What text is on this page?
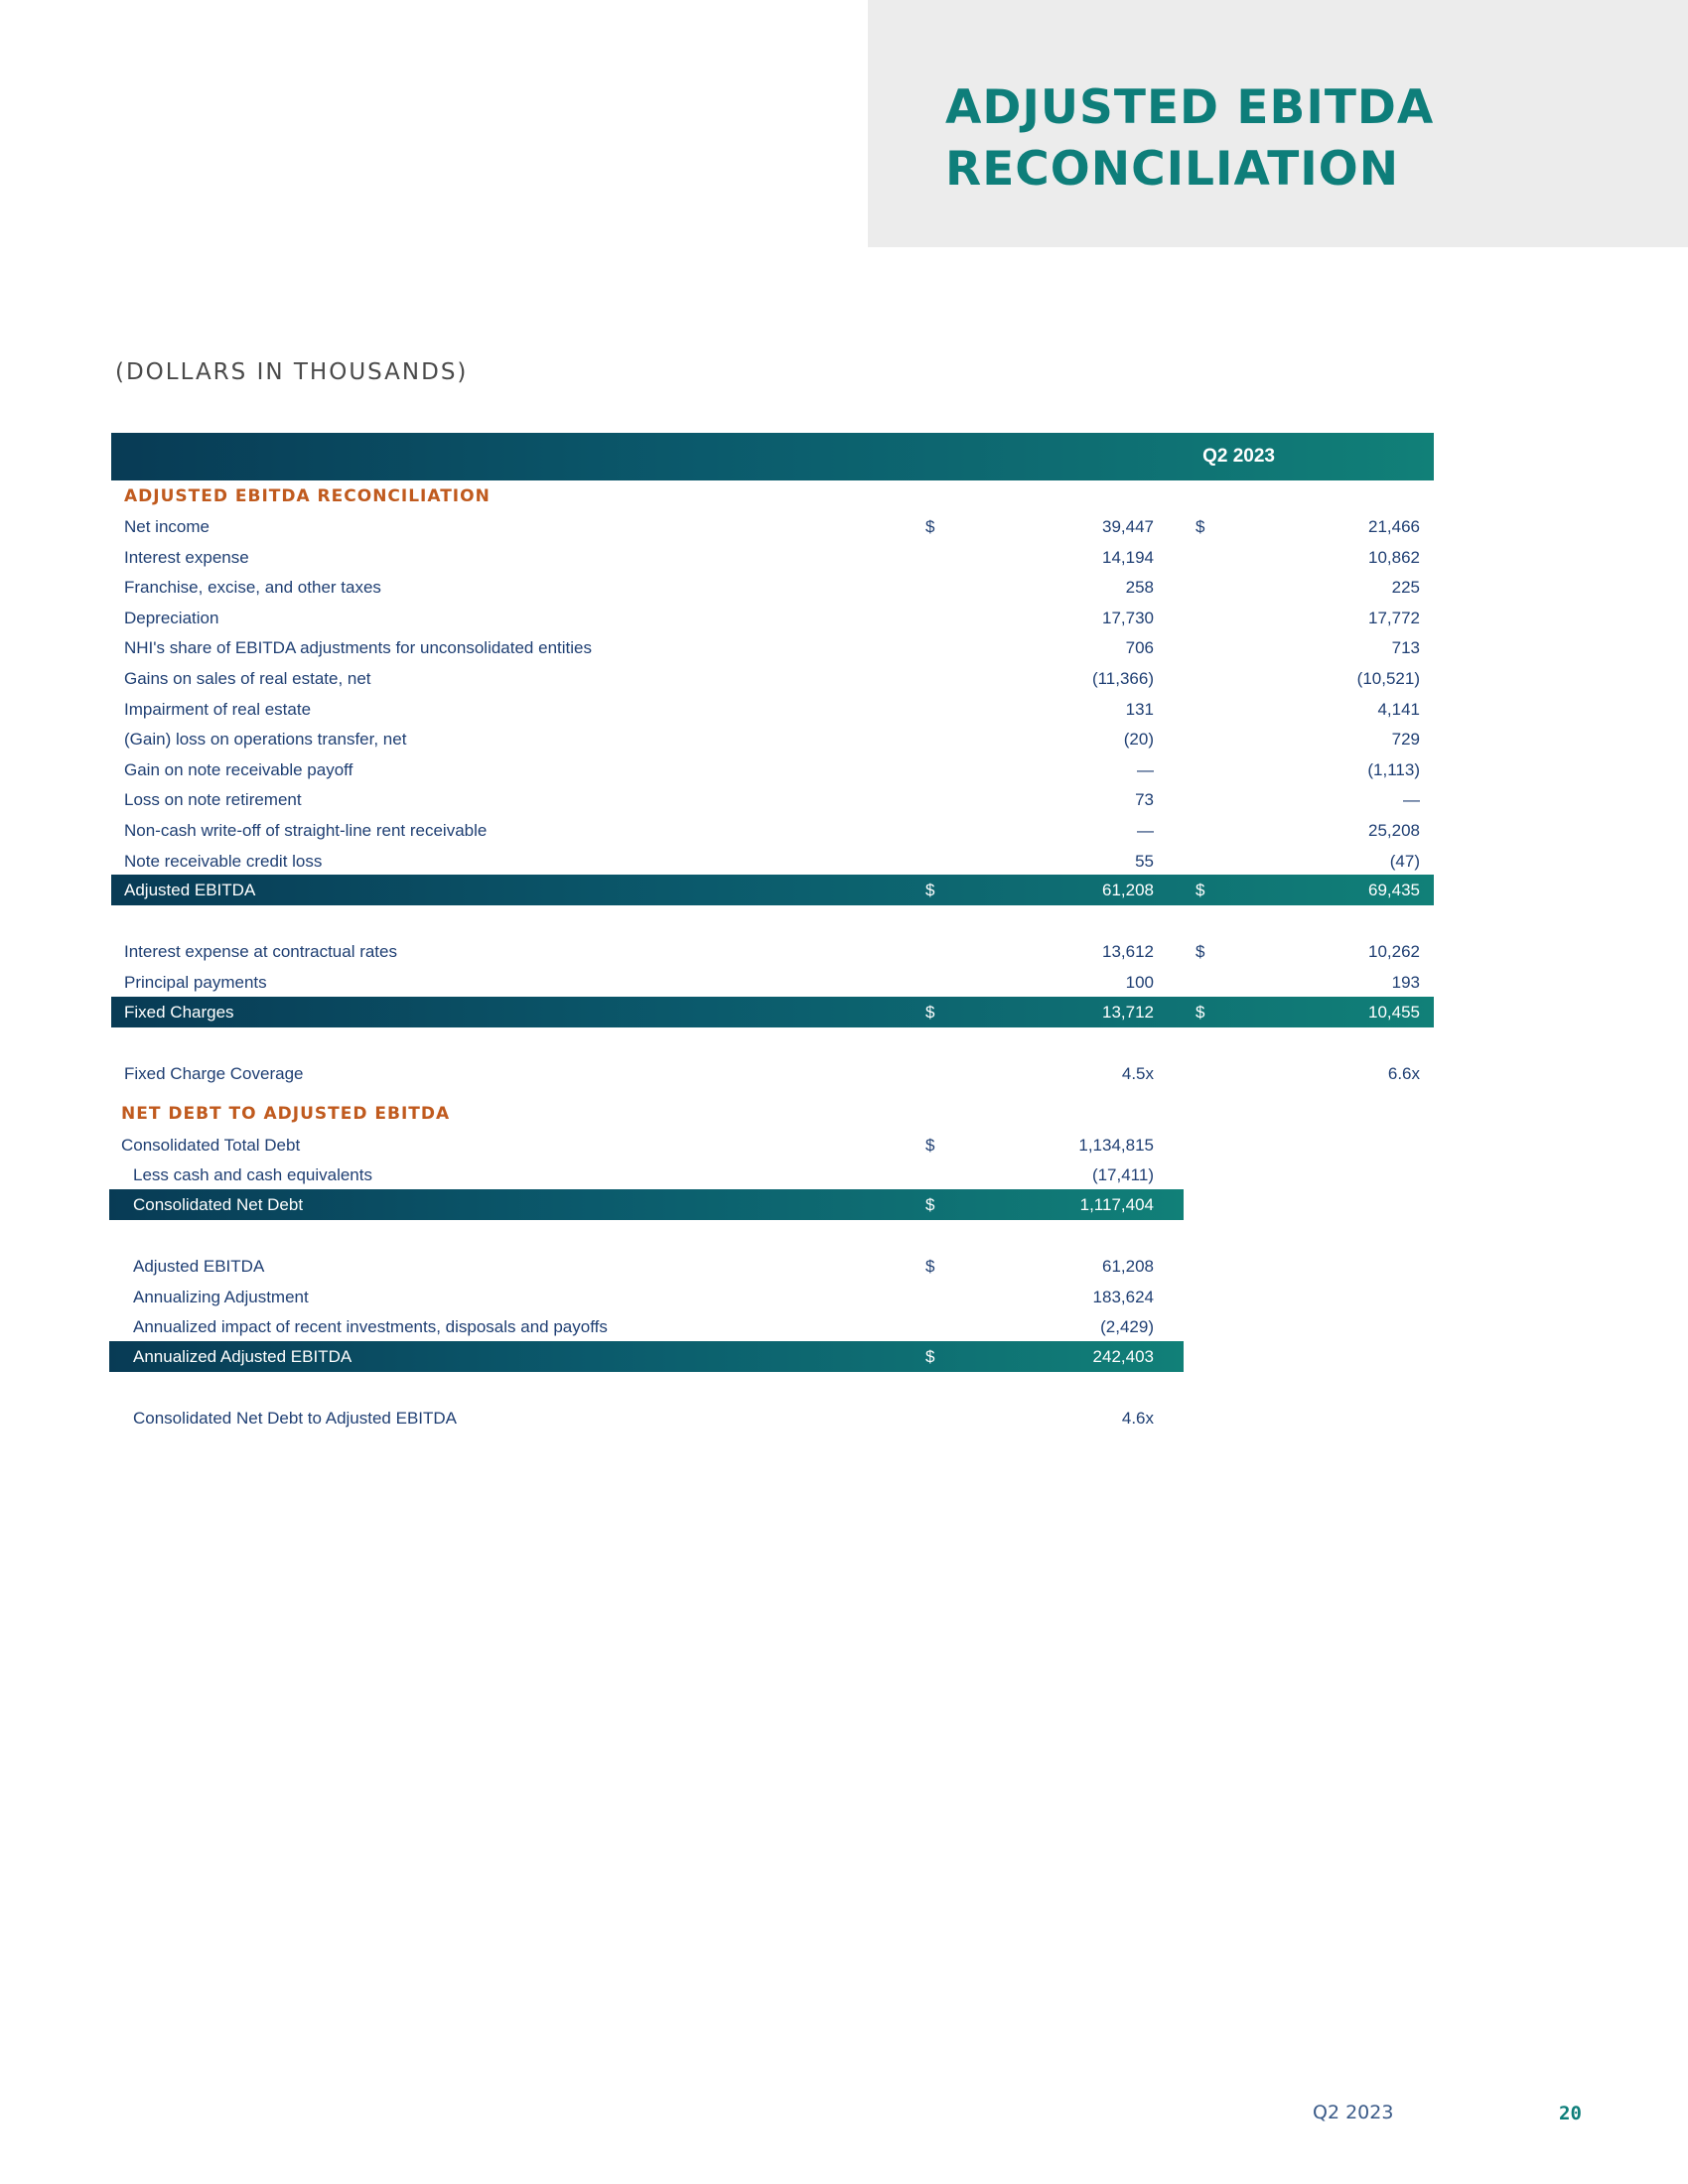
ADJUSTED EBITDA
RECONCILIATION
(DOLLARS IN THOUSANDS)
Q2 2023	Q2 2022
ADJUSTED EBITDA RECONCILIATION
Net income	$	39,447 $	21,466
Interest expense	14,194	10,862
Franchise, excise, and other taxes	258	225
Depreciation	17,730	17,772
NHI's share of EBITDA adjustments for unconsolidated entities	706	713
Gains on sales of real estate, net	(11,366)	(10,521)
Impairment of real estate	131	4,141
(Gain) loss on operations transfer, net	(20)	729
Gain on note receivable payoff	—	(1,113)
Loss on note retirement	73	—
Non-cash write-off of straight-line rent receivable	—	25,208
Note receivable credit loss	55	(47)
Adjusted EBITDA	$	61,208 $	69,435
Interest expense at contractual rates	13,612 $	10,262
Principal payments	100	193
Fixed Charges	$	13,712 $	10,455
Fixed Charge Coverage	4.5x	6.6x
NET DEBT TO ADJUSTED EBITDA
Consolidated Total Debt	$	1,134,815
Less cash and cash equivalents	(17,411)
Consolidated Net Debt	$	1,117,404
Adjusted EBITDA	$	61,208
Annualizing Adjustment	183,624
Annualized impact of recent investments, disposals and payoffs	(2,429)
Annualized Adjusted EBITDA	$	242,403
Consolidated Net Debt to Adjusted EBITDA	4.6x
Q2 2023	20
